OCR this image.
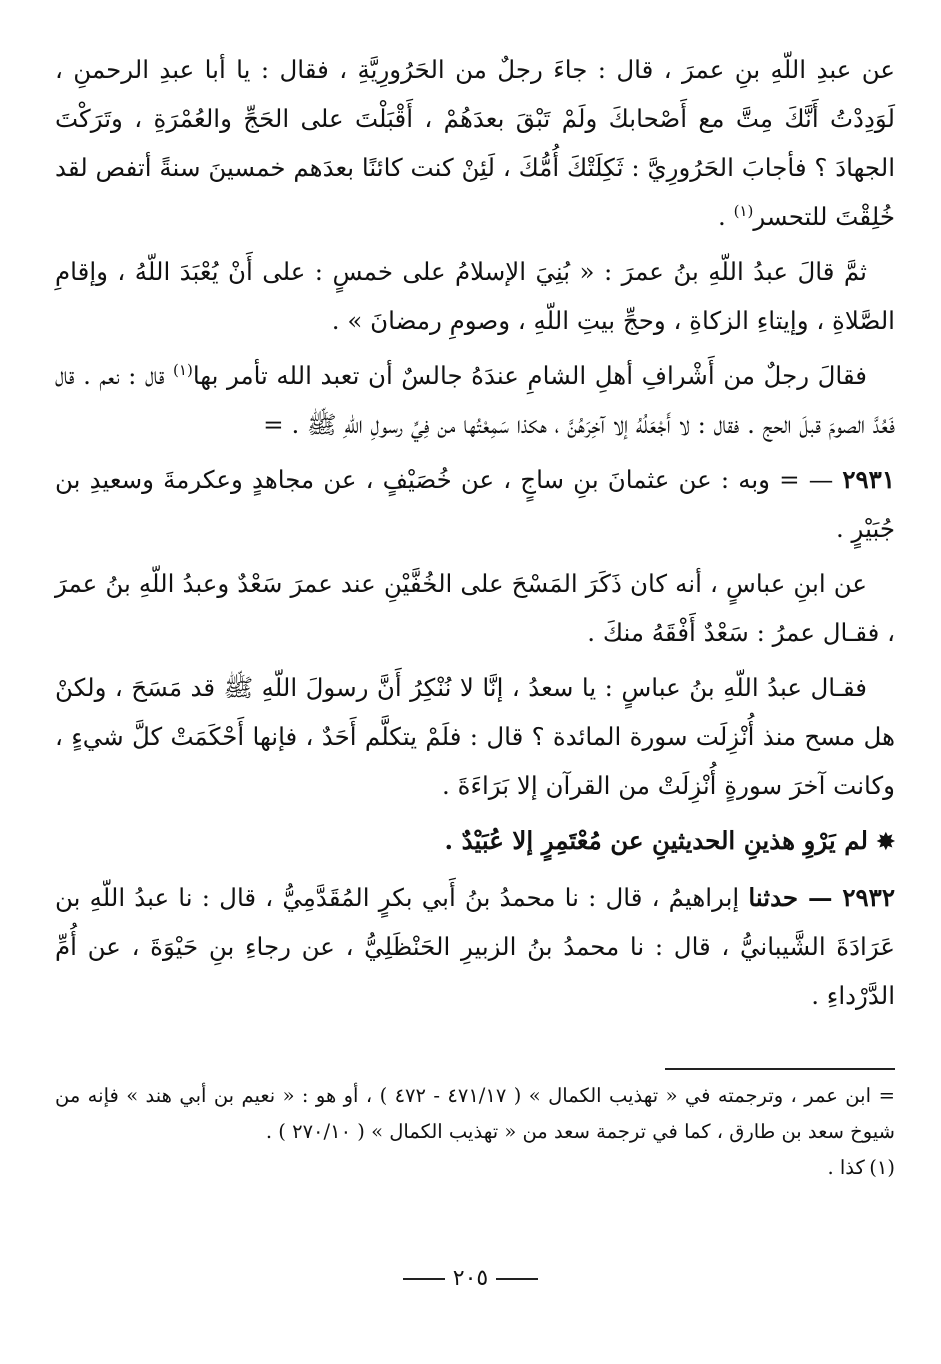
عن عبدِ اللّهِ بنِ عمرَ ، قال : جاءَ رجلٌ من الحَرُورِيَّةِ ، فقال : يا أبا عبدِ الرحمنِ ، لَوَدِدْتُ أَنَّكَ مِتَّ مع أَصْحابكَ ولَمْ تَبْقَ بعدَهُمْ ، أَقْبَلْتَ على الحَجِّ والعُمْرَةِ ، وتَرَكْتَ الجهادَ ؟ فأجابَ الحَرُورِيَّ : ثَكِلَتْكَ أُمُّكَ ، لَئِنْ كنت كائنًا بعدَهم خمسينَ سنةً أتفص لقد خُلِقْتَ للتحسر$^{(١)}$ .

ثمَّ قالَ عبدُ اللّهِ بنُ عمرَ : « بُنِيَ الإسلامُ على خمسٍ : على أَنْ يُعْبَدَ اللّهُ ، وإقامِ الصَّلاةِ ، وإيتاءِ الزكاةِ ، وحجِّ بيتِ اللّهِ ، وصومِ رمضانَ » .

فقالَ رجلٌ من أَشْرافِ أهلِ الشامِ عندَهُ جالسٌ أن تعبد الله تأمر بها$^{(١)}$ قال : نعم . قال فَعُدَّ الصومَ قبلَ الحج . فقال : لا أَجْعَلُهُ إلا آخِرَهُنَّ ، هكذا سَمِعْتُها من فِيِّ رسولِ اللّهِ ﷺ . =

٢٩٣١ — = وبه : عن عثمانَ بنِ ساجٍ ، عن خُصَيْفٍ ، عن مجاهدٍ وعكرمةَ وسعيدِ بن جُبَيْرٍ .

عن ابنِ عباسٍ ، أنه كان ذَكَرَ المَسْحَ على الخُفَّيْنِ عند عمرَ سَعْدٌ وعبدُ اللّهِ بنُ عمرَ ، فقـال عمرُ : سَعْدٌ أَفْقَهُ منكَ .

فقـال عبدُ اللّهِ بنُ عباسٍ : يا سعدُ ، إنَّا لا نُنْكِرُ أَنَّ رسولَ اللّهِ ﷺ قد مَسَحَ ، ولكنْ هل مسح منذ أُنْزِلَت سورة المائدة ؟ قال : فلَمْ يتكلَّم أَحَدٌ ، فإنها أَحْكَمَتْ كلَّ شيءٍ ، وكانت آخرَ سورةٍ أُنْزِلَتْ من القرآن إلا بَرَاءَةَ .

✸ لم يَرْوِ هذينِ الحديثينِ عن مُعْتَمِرٍ إلا عُبَيْدٌ .

٢٩٣٢ — حدثنا إبراهيمُ ، قال : نا محمدُ بنُ أَبي بكرٍ المُقَدَّمِيُّ ، قال : نا عبدُ اللّهِ بن عَرَادَةَ الشَّيبانيُّ ، قال : نا محمدُ بنُ الزبيرِ الحَنْظَلِيُّ ، عن رجاءِ بنِ حَيْوَةَ ، عن أُمِّ الدَّرْداءِ .

=ابن عمر ، وترجمته في « تهذيب الكمال » ( ٤٧١/١٧ - ٤٧٢ ) ، أو هو : « نعيم بن أبي هند » فإنه من شيوخ سعد بن طارق ، كما في ترجمة سعد من « تهذيب الكمال » ( ٢٧٠/١٠ ) .

(١) كذا .

٢٠٥
